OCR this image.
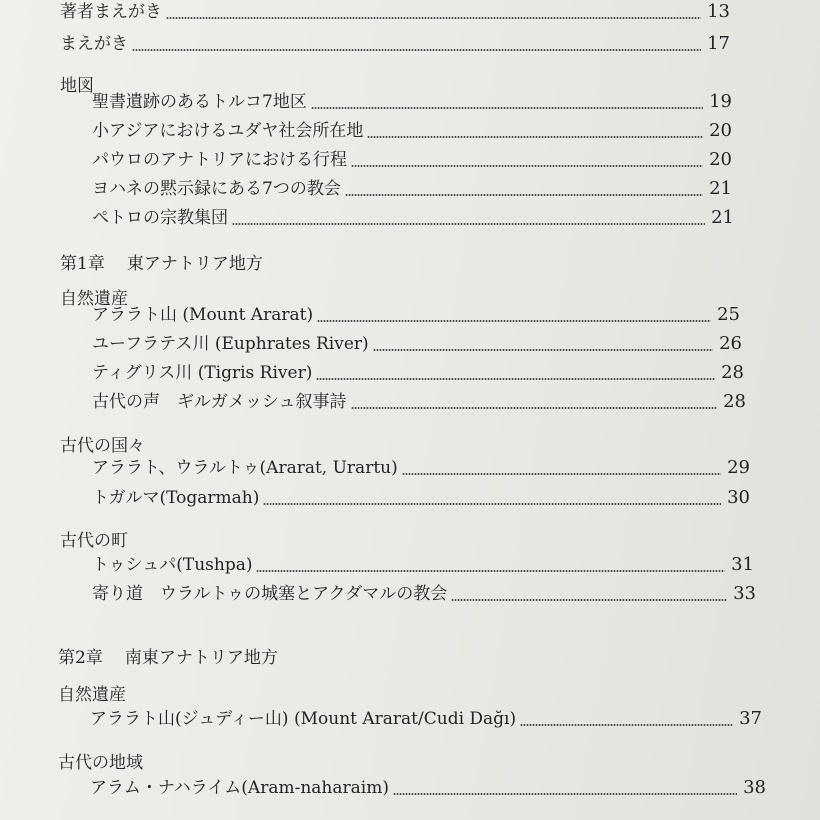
著者まえがき	13
まえがき	17
地図
聖書遺跡のあるトルコ7地区	19
小アジアにおけるユダヤ社会所在地	20
パウロのアナトリアにおける行程	20
ヨハネの黙示録にある7つの教会	21
ペトロの宗教集団	21
第1章 東アナトリア地方
自然遺産
アララト山 (Mount Ararat)	25
ユーフラテス川 (Euphrates River)	26
ティグリス川 (Tigris River)	28
古代の声　ギルガメッシュ叙事詩	28
古代の国々
アララト、ウラルトゥ(Ararat, Urartu)	29
トガルマ(Togarmah)	30
古代の町
トゥシュパ(Tushpa)	31
寄り道　ウラルトゥの城塞とアクダマルの教会	33
第2章 南東アナトリア地方
自然遺産
アララト山(ジュディー山) (Mount Ararat/Cudi Dağı)	37
古代の地域
アラム・ナハライム(Aram-naharaim)	38
